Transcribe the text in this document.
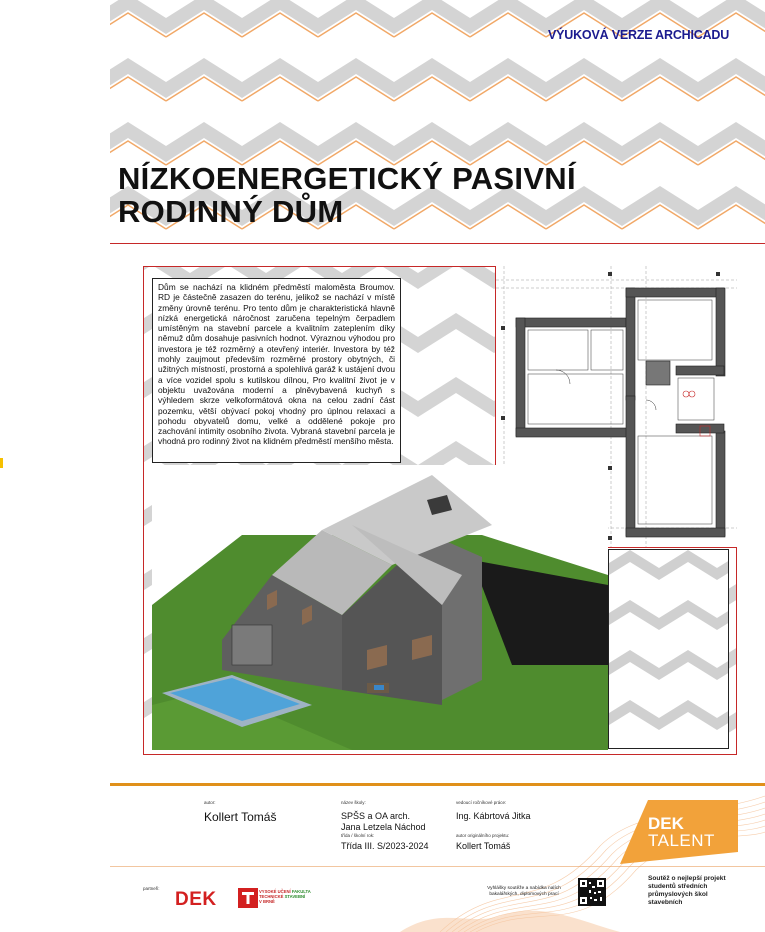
VÝUKOVÁ VERZE ARCHICADU
NÍZKOENERGETICKÝ PASIVNÍ
RODINNÝ DŮM
Dům se nachází na klidném předměstí maloměsta Broumov. RD je částečně zasazen do terénu, jelikož se nachází v místě změny úrovně terénu. Pro tento dům je charakteristická hlavně nízká energetická náročnost zaručena tepelným čerpadlem umístěným na stavební parcele a kvalitním zateplením díky němuž dům dosahuje pasivních hodnot. Výraznou výhodou pro investora je též rozměrný a otevřený interiér. Investora by též mohly zaujmout především rozměrné prostory obytných, či užitných místností, prostorná a spolehlivá garáž k ustájení dvou a více vozidel spolu s kutilskou dílnou, Pro kvalitní život je v objektu uvažována moderní a plněvybavená kuchyň s výhledem skrze velkoformátová okna na celou zadní část pozemku, větší obývací pokoj vhodný pro úplnou relaxaci a pohodu obyvatelů domu, velké a oddělené pokoje pro zachování intimity osobního života. Vybraná stavební parcela je vhodná pro rodinný život na klidném předměstí menšího města.
autor:
Kollert Tomáš
název školy:
SPŠS a OA arch.
Jana Letzela Náchod
třída / školní rok:
Třída III. S/2023-2024
vedoucí ročníkové práce:
Ing. Kábrtová Jitka
autor originálního projektu:
Kollert Tomáš
partneři:
DEK	VYSOKÉ UČENÍ FAKULTA
TECHNICKÉ STAVEBNÍ
V BRNĚ
Vyhlášky soutěže a nabídka nalích bakalářských, diplomových prací
DEK
TALENT
Soutěž o nejlepší projekt studentů středních průmyslových škol stavebních
